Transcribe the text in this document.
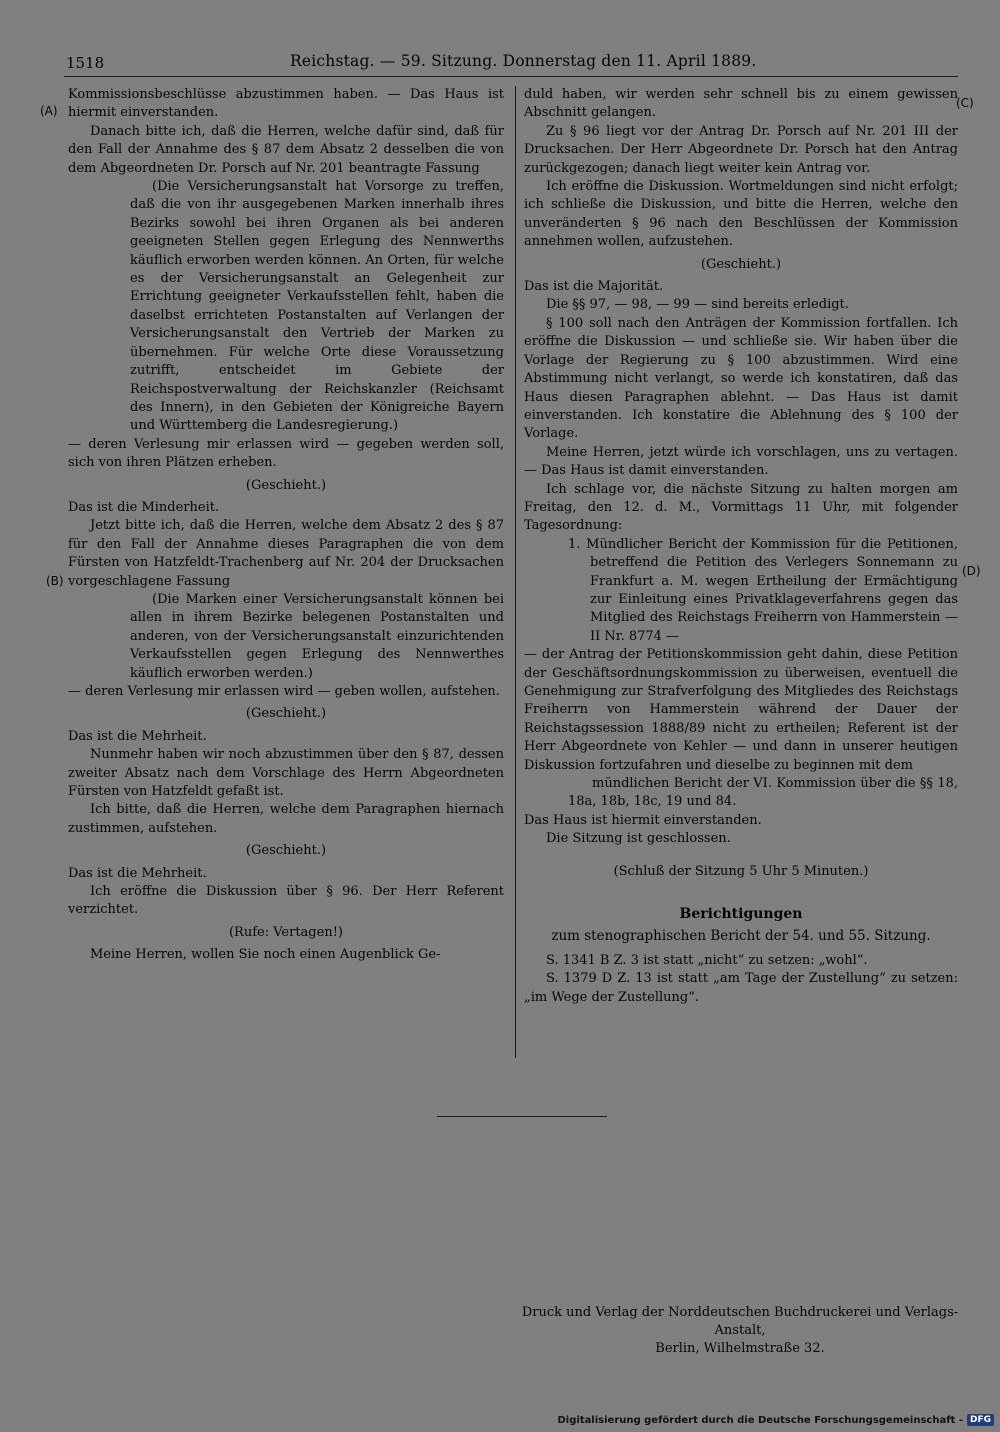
1518	Reichstag. — 59. Sitzung. Donnerstag den 11. April 1889.
(A)
(B)
(C)
(D)

Kommissionsbeschlüsse abzustimmen haben. — Das Haus ist hiermit einverstanden.

Danach bitte ich, daß die Herren, welche dafür sind, daß für den Fall der Annahme des § 87 dem Absatz 2 desselben die von dem Abgeordneten Dr. Porsch auf Nr. 201 beantragte Fassung

(Die Versicherungsanstalt hat Vorsorge zu treffen, daß die von ihr ausgegebenen Marken innerhalb ihres Bezirks sowohl bei ihren Organen als bei anderen geeigneten Stellen gegen Erlegung des Nennwerths käuflich erworben werden können. An Orten, für welche es der Versicherungsanstalt an Gelegenheit zur Errichtung geeigneter Verkaufsstellen fehlt, haben die daselbst errichteten Postanstalten auf Verlangen der Versicherungsanstalt den Vertrieb der Marken zu übernehmen. Für welche Orte diese Voraussetzung zutrifft, entscheidet im Gebiete der Reichspostverwaltung der Reichskanzler (Reichsamt des Innern), in den Gebieten der Königreiche Bayern und Württemberg die Landesregierung.)

— deren Verlesung mir erlassen wird — gegeben werden soll, sich von ihren Plätzen erheben.

(Geschieht.)

Das ist die Minderheit.

Jetzt bitte ich, daß die Herren, welche dem Absatz 2 des § 87 für den Fall der Annahme dieses Paragraphen die von dem Fürsten von Hatzfeldt-Trachenberg auf Nr. 204 der Drucksachen vorgeschlagene Fassung

(Die Marken einer Versicherungsanstalt können bei allen in ihrem Bezirke belegenen Postanstalten und anderen, von der Versicherungsanstalt einzurichtenden Verkaufsstellen gegen Erlegung des Nennwerthes käuflich erworben werden.)

— deren Verlesung mir erlassen wird — geben wollen, aufstehen.

(Geschieht.)

Das ist die Mehrheit.

Nunmehr haben wir noch abzustimmen über den § 87, dessen zweiter Absatz nach dem Vorschlage des Herrn Abgeordneten Fürsten von Hatzfeldt gefaßt ist.

Ich bitte, daß die Herren, welche dem Paragraphen hiernach zustimmen, aufstehen.

(Geschieht.)

Das ist die Mehrheit.

Ich eröffne die Diskussion über § 96. Der Herr Referent verzichtet.

(Rufe: Vertagen!)

Meine Herren, wollen Sie noch einen Augenblick Ge-

duld haben, wir werden sehr schnell bis zu einem gewissen Abschnitt gelangen.

Zu § 96 liegt vor der Antrag Dr. Porsch auf Nr. 201 III der Drucksachen. Der Herr Abgeordnete Dr. Porsch hat den Antrag zurückgezogen; danach liegt weiter kein Antrag vor.

Ich eröffne die Diskussion. Wortmeldungen sind nicht erfolgt; ich schließe die Diskussion, und bitte die Herren, welche den unveränderten § 96 nach den Beschlüssen der Kommission annehmen wollen, aufzustehen.

(Geschieht.)

Das ist die Majorität.

Die §§ 97, — 98, — 99 — sind bereits erledigt.

§ 100 soll nach den Anträgen der Kommission fortfallen. Ich eröffne die Diskussion — und schließe sie. Wir haben über die Vorlage der Regierung zu § 100 abzustimmen. Wird eine Abstimmung nicht verlangt, so werde ich konstatiren, daß das Haus diesen Paragraphen ablehnt. — Das Haus ist damit einverstanden. Ich konstatire die Ablehnung des § 100 der Vorlage.

Meine Herren, jetzt würde ich vorschlagen, uns zu vertagen. — Das Haus ist damit einverstanden.

Ich schlage vor, die nächste Sitzung zu halten morgen am Freitag, den 12. d. M., Vormittags 11 Uhr, mit folgender Tagesordnung:

1. Mündlicher Bericht der Kommission für die Petitionen, betreffend die Petition des Verlegers Sonnemann zu Frankfurt a. M. wegen Ertheilung der Ermächtigung zur Einleitung eines Privatklageverfahrens gegen das Mitglied des Reichstags Freiherrn von Hammerstein — II Nr. 8774 —

— der Antrag der Petitionskommission geht dahin, diese Petition der Geschäftsordnungskommission zu überweisen, eventuell die Genehmigung zur Strafverfolgung des Mitgliedes des Reichstags Freiherrn von Hammerstein während der Dauer der Reichstagssession 1888/89 nicht zu ertheilen; Referent ist der Herr Abgeordnete von Kehler — und dann in unserer heutigen Diskussion fortzufahren und dieselbe zu beginnen mit dem

mündlichen Bericht der VI. Kommission über die §§ 18, 18a, 18b, 18c, 19 und 84.

Das Haus ist hiermit einverstanden.

Die Sitzung ist geschlossen.

(Schluß der Sitzung 5 Uhr 5 Minuten.)

Berichtigungen

zum stenographischen Bericht der 54. und 55. Sitzung.

S. 1341 B Z. 3 ist statt „nicht“ zu setzen: „wohl“.

S. 1379 D Z. 13 ist statt „am Tage der Zustellung“ zu setzen: „im Wege der Zustellung“.

Druck und Verlag der Norddeutschen Buchdruckerei und Verlags-Anstalt,
Berlin, Wilhelmstraße 32.
Digitalisierung gefördert durch die Deutsche Forschungsgemeinschaft - DFG
